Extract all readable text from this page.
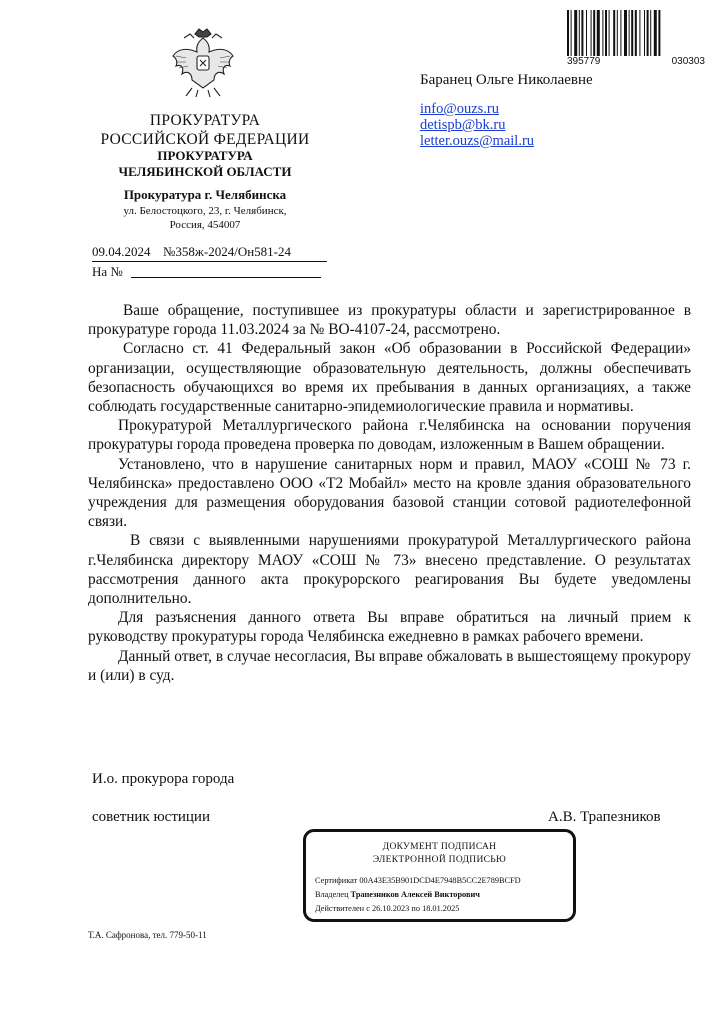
395779	030303
ПРОКУРАТУРА
РОССИЙСКОЙ ФЕДЕРАЦИИ
ПРОКУРАТУРА
ЧЕЛЯБИНСКОЙ ОБЛАСТИ
Прокуратура г. Челябинска
ул. Белостоцкого, 23, г. Челябинск,
Россия, 454007
09.04.2024 №358ж-2024/Он581-24
На №
Баранец Ольге Николаевне
info@ouzs.ru
detispb@bk.ru
letter.ouzs@mail.ru

Ваше обращение, поступившее из прокуратуры области и зарегистрированное в прокуратуре города 11.03.2024 за № ВО-4107-24, рассмотрено.

Согласно ст. 41 Федеральный закон «Об образовании в Российской Федерации» организации, осуществляющие образовательную деятельность, должны обеспечивать безопасность обучающихся во время их пребывания в данных организациях, а также соблюдать государственные санитарно-эпидемиологические правила и нормативы.

Прокуратурой Металлургического района г.Челябинска на основании поручения прокуратуры города проведена проверка по доводам, изложенным в Вашем обращении.

Установлено, что в нарушение санитарных норм и правил, МАОУ «СОШ № 73 г. Челябинска» предоставлено ООО «Т2 Мобайл» место на кровле здания образовательного учреждения для размещения оборудования базовой станции сотовой радиотелефонной связи.

В связи с выявленными нарушениями прокуратурой Металлургического района г.Челябинска директору МАОУ «СОШ № 73» внесено представление. О результатах рассмотрения данного акта прокурорского реагирования Вы будете уведомлены дополнительно.

Для разъяснения данного ответа Вы вправе обратиться на личный прием к руководству прокуратуры города Челябинска ежедневно в рамках рабочего времени.

Данный ответ, в случае несогласия, Вы вправе обжаловать в вышестоящему прокурору и (или) в суд.

И.о. прокурора города
советник юстиции	А.В. Трапезников
ДОКУМЕНТ ПОДПИСАН
ЭЛЕКТРОННОЙ ПОДПИСЬЮ
Сертификат 00A43E35B901DCD4E7948B5CC2E789BCFD
Владелец Трапезников Алексей Викторович
Действителен с 26.10.2023 по 18.01.2025
Т.А. Сафронова, тел. 779-50-11
